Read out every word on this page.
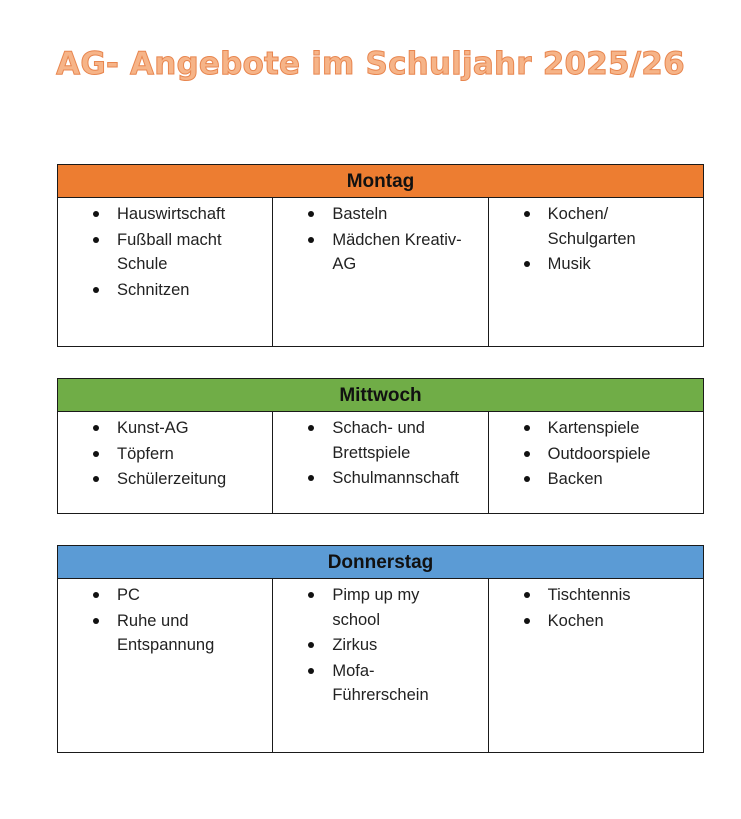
AG- Angebote im Schuljahr 2025/26
Montag
Hauswirtschaft
Fußball macht Schule
Schnitzen
Basteln
Mädchen Kreativ-AG
Kochen/ Schulgarten
Musik
Mittwoch
Kunst-AG
Töpfern
Schülerzeitung
Schach- und Brettspiele
Schulmannschaft
Kartenspiele
Outdoorspiele
Backen
Donnerstag
PC
Ruhe und Entspannung
Pimp up my school
Zirkus
Mofa-Führerschein
Tischtennis
Kochen
